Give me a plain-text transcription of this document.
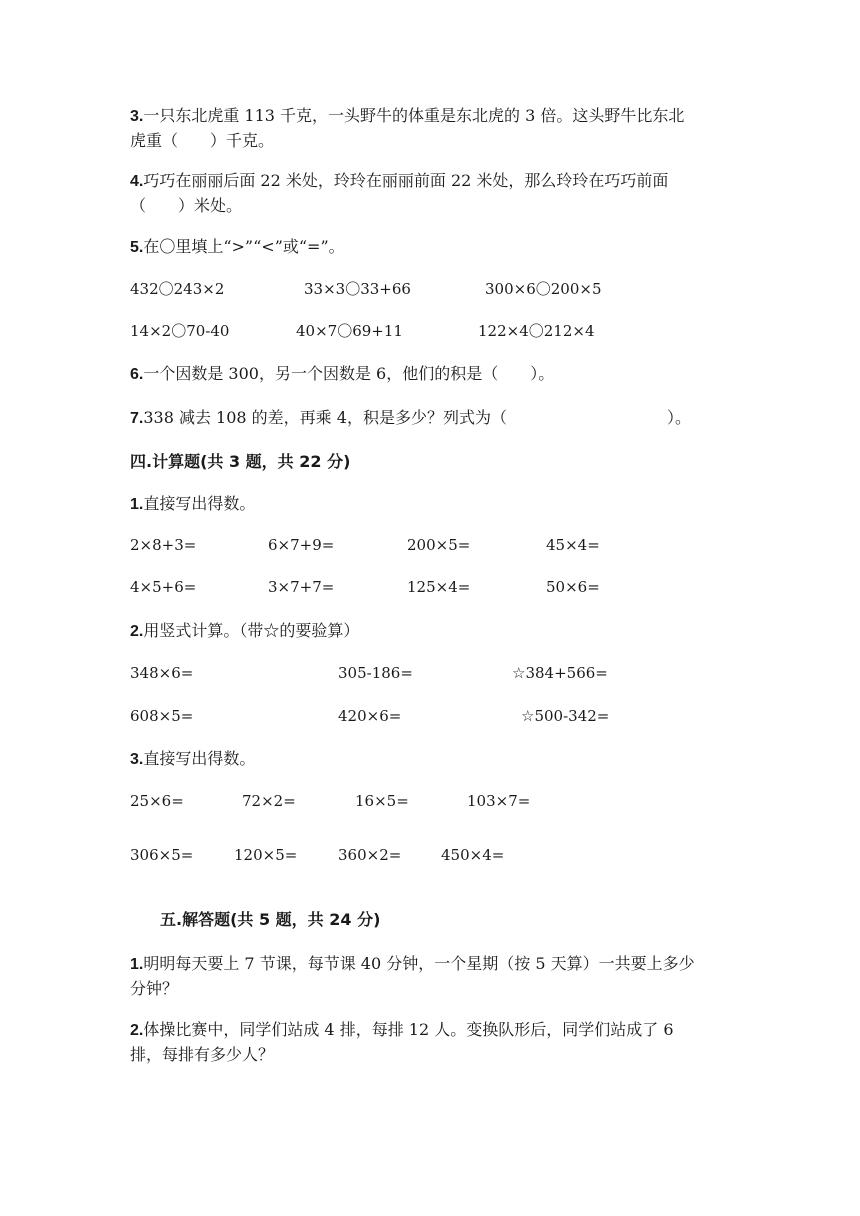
3.一只东北虎重 113 千克，一头野牛的体重是东北虎的 3 倍。这头野牛比东北
虎重（　　）千克。
4.巧巧在丽丽后面 22 米处，玲玲在丽丽前面 22 米处，那么玲玲在巧巧前面
（　　）米处。
5.在〇里填上“>”“<”或“=”。
432〇243×2	33×3〇33+66	300×6〇200×5
14×2〇70-40	40×7〇69+11	122×4〇212×4
6.一个因数是 300，另一个因数是 6，他们的积是（　　）。
7.338 减去 108 的差，再乘 4，积是多少？列式为（　　　　　　　　　　）。
四.计算题(共 3 题，共 22 分)
1.直接写出得数。
2×8+3=	6×7+9=	200×5=	45×4=
4×5+6=	3×7+7=	125×4=	50×6=
2.用竖式计算。（带☆的要验算）
348×6=	305-186=	☆384+566=
608×5=	420×6=	☆500-342=
3.直接写出得数。
25×6=	72×2=	16×5=	103×7=
306×5=	120×5=	360×2=	450×4=
五.解答题(共 5 题，共 24 分)
1.明明每天要上 7 节课，每节课 40 分钟，一个星期（按 5 天算）一共要上多少
分钟？
2.体操比赛中，同学们站成 4 排，每排 12 人。变换队形后，同学们站成了 6
排，每排有多少人？
